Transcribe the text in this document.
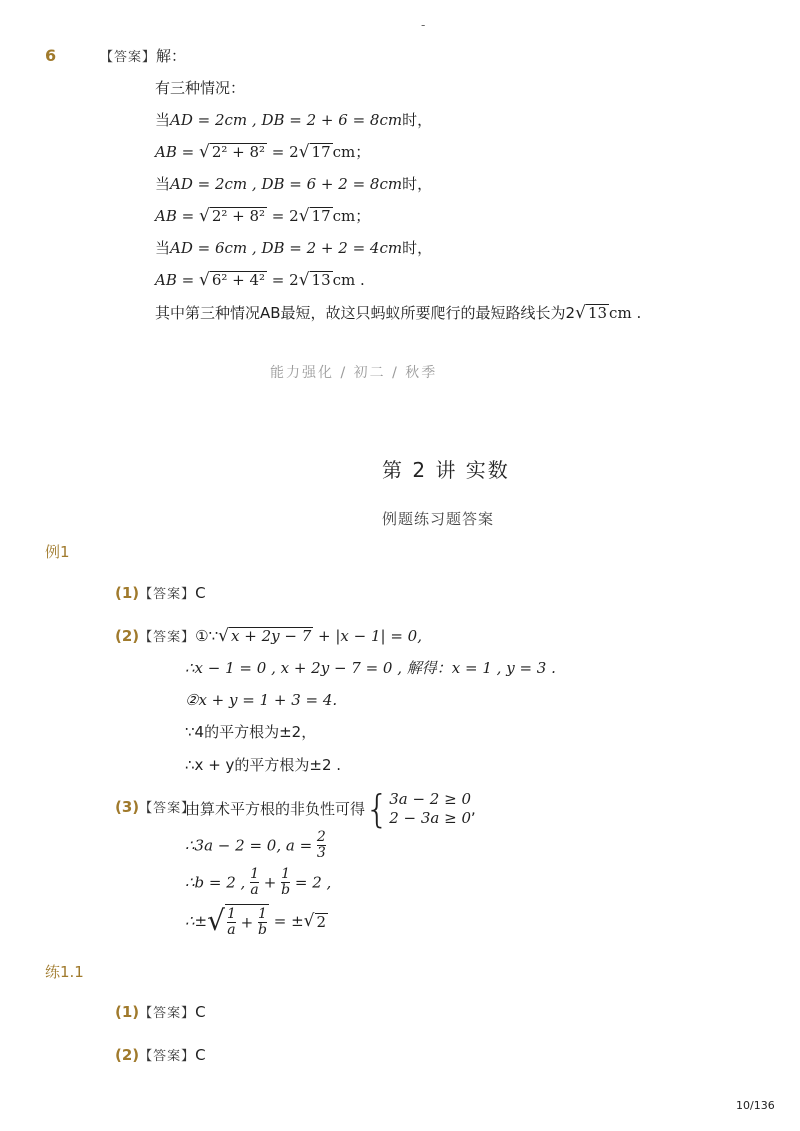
-
6	【答案】解：
有三种情况：
当AD = 2cm , DB = 2 + 6 = 8cm时，
AB = √ 2² + 8² = 2√ 17 cm；
当AD = 2cm , DB = 6 + 2 = 8cm时，
AB = √ 2² + 8² = 2√ 17 cm；
当AD = 6cm , DB = 2 + 2 = 4cm时，
AB = √ 6² + 4² = 2√ 13 cm .
其中第三种情况AB最短，故这只蚂蚁所要爬行的最短路线长为2√ 13 cm .
能力强化 / 初二 / 秋季
第 2 讲 实数
例题练习题答案
例1
(1)【答案】C
(2)【答案】①∵√ x + 2y − 7 + |x − 1| = 0,
∴x − 1 = 0 , x + 2y − 7 = 0 , 解得：x = 1 , y = 3 .
②x + y = 1 + 3 = 4.
∵4的平方根为±2，
∴x + y的平方根为±2 .
(3)【答案】
由算术平方根的非负性可得{ 3a − 2 ≥ 0
2 − 3a ≥ 0 ,
∴3a − 2 = 0, $a = \frac{2}{3}$
∴b = 2 , $\frac{1}{a} + \frac{1}{b} = 2$ ,
∴±√ $\frac{1}{a} + \frac{1}{b}$ = ±√ 2
练1.1
(1)【答案】C
(2)【答案】C
10/136
